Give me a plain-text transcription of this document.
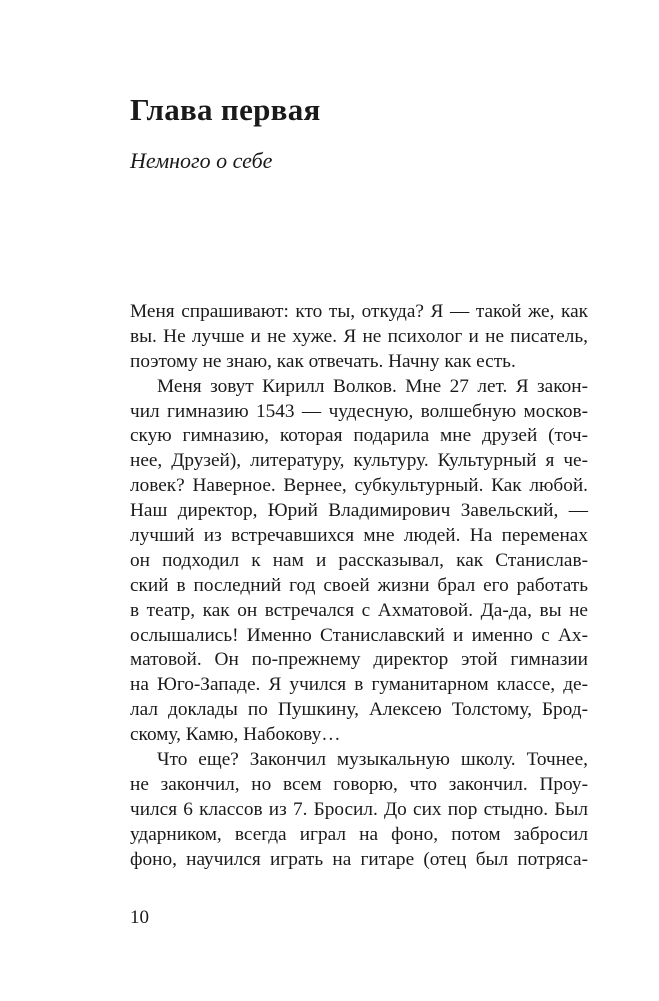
Глава первая
Немного о себе
Меня спрашивают: кто ты, откуда? Я — такой же, как
вы. Не лучше и не хуже. Я не психолог и не писатель,
поэтому не знаю, как отвечать. Начну как есть.
Меня зовут Кирилл Волков. Мне 27 лет. Я закон-
чил гимназию 1543 — чудесную, волшебную москов-
скую гимназию, которая подарила мне друзей (точ-
нее, Друзей), литературу, культуру. Культурный я че-
ловек? Наверное. Вернее, субкультурный. Как любой.
Наш директор, Юрий Владимирович Завельский, —
лучший из встречавшихся мне людей. На переменах
он подходил к нам и рассказывал, как Станислав-
ский в последний год своей жизни брал его работать
в театр, как он встречался с Ахматовой. Да-да, вы не
ослышались! Именно Станиславский и именно с Ах-
матовой. Он по-прежнему директор этой гимназии
на Юго-Западе. Я учился в гуманитарном классе, де-
лал доклады по Пушкину, Алексею Толстому, Брод-
скому, Камю, Набокову…
Что еще? Закончил музыкальную школу. Точнее,
не закончил, но всем говорю, что закончил. Проу-
чился 6 классов из 7. Бросил. До сих пор стыдно. Был
ударником, всегда играл на фоно, потом забросил
фоно, научился играть на гитаре (отец был потряса-
10
